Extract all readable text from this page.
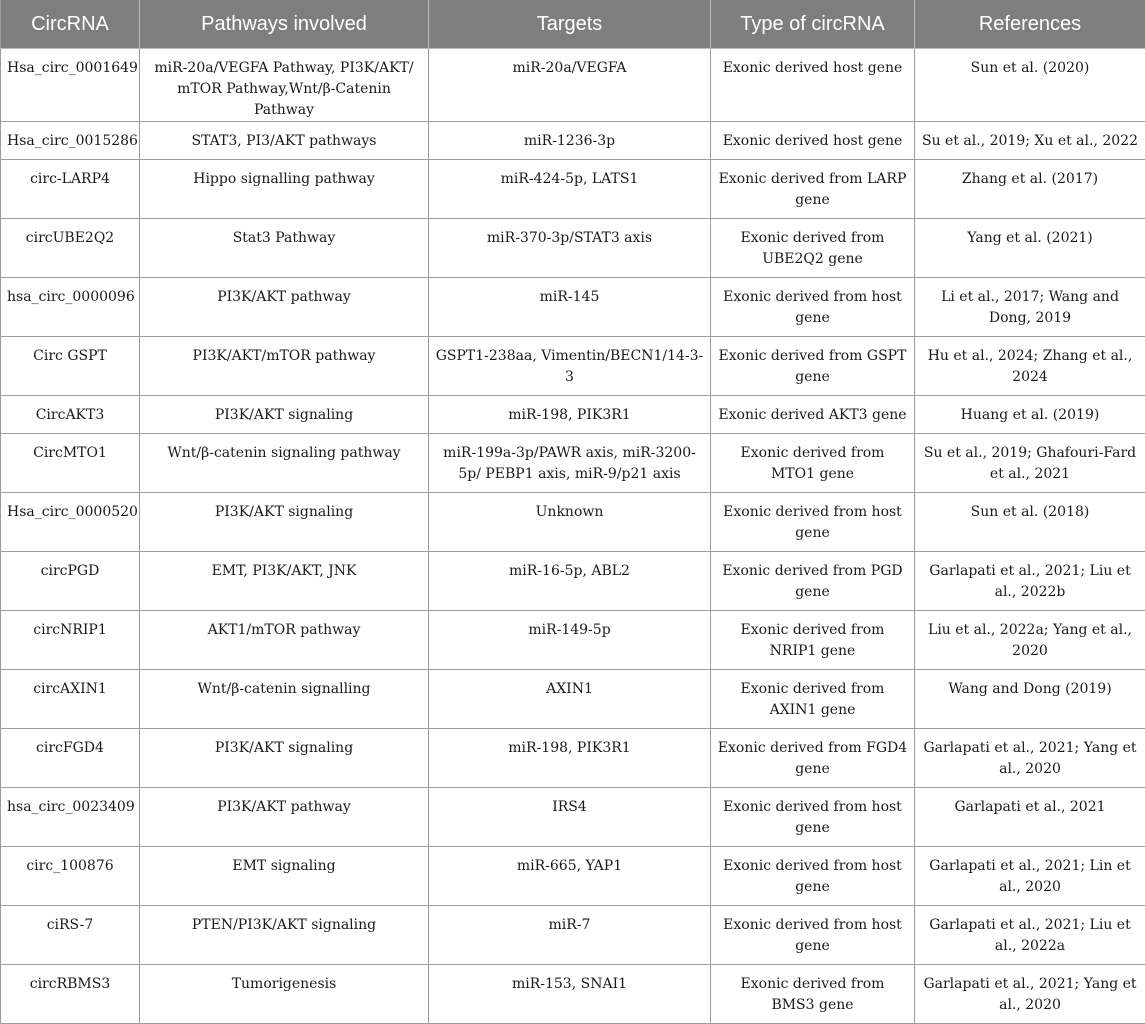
CircRNA	Pathways involved	Targets	Type of circRNA	References
Hsa_circ_0001649	miR-20a/VEGFA Pathway, PI3K/AKT/ mTOR Pathway,Wnt/β-Catenin Pathway	miR-20a/VEGFA	Exonic derived host gene	Sun et al. (2020)
Hsa_circ_0015286	STAT3, PI3/AKT pathways	miR-1236-3p	Exonic derived host gene	Su et al., 2019; Xu et al., 2022
circ-LARP4	Hippo signalling pathway	miR-424-5p, LATS1	Exonic derived from LARP gene	Zhang et al. (2017)
circUBE2Q2	Stat3 Pathway	miR-370-3p/STAT3 axis	Exonic derived from UBE2Q2 gene	Yang et al. (2021)
hsa_circ_0000096	PI3K/AKT pathway	miR-145	Exonic derived from host gene	Li et al., 2017; Wang and Dong, 2019
Circ GSPT	PI3K/AKT/mTOR pathway	GSPT1-238aa, Vimentin/BECN1/14-3-3	Exonic derived from GSPT gene	Hu et al., 2024; Zhang et al., 2024
CircAKT3	PI3K/AKT signaling	miR-198, PIK3R1	Exonic derived AKT3 gene	Huang et al. (2019)
CircMTO1	Wnt/β-catenin signaling pathway	miR-199a-3p/PAWR axis, miR-3200-5p/ PEBP1 axis, miR-9/p21 axis	Exonic derived from MTO1 gene	Su et al., 2019; Ghafouri-Fard et al., 2021
Hsa_circ_0000520	PI3K/AKT signaling	Unknown	Exonic derived from host gene	Sun et al. (2018)
circPGD	EMT, PI3K/AKT, JNK	miR-16-5p, ABL2	Exonic derived from PGD gene	Garlapati et al., 2021; Liu et al., 2022b
circNRIP1	AKT1/mTOR pathway	miR-149-5p	Exonic derived from NRIP1 gene	Liu et al., 2022a; Yang et al., 2020
circAXIN1	Wnt/β-catenin signalling	AXIN1	Exonic derived from AXIN1 gene	Wang and Dong (2019)
circFGD4	PI3K/AKT signaling	miR-198, PIK3R1	Exonic derived from FGD4 gene	Garlapati et al., 2021; Yang et al., 2020
hsa_circ_0023409	PI3K/AKT pathway	IRS4	Exonic derived from host gene	Garlapati et al., 2021
circ_100876	EMT signaling	miR-665, YAP1	Exonic derived from host gene	Garlapati et al., 2021; Lin et al., 2020
ciRS-7	PTEN/PI3K/AKT signaling	miR-7	Exonic derived from host gene	Garlapati et al., 2021; Liu et al., 2022a
circRBMS3	Tumorigenesis	miR-153, SNAI1	Exonic derived from BMS3 gene	Garlapati et al., 2021; Yang et al., 2020
